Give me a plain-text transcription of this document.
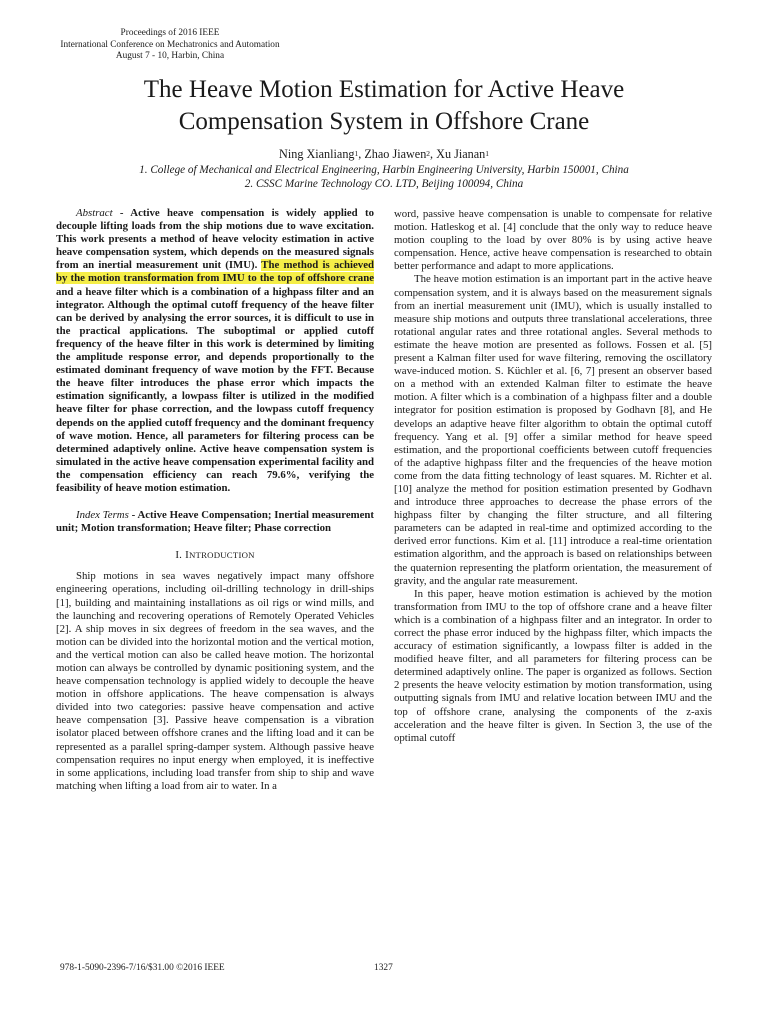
Proceedings of 2016 IEEE
International Conference on Mechatronics and Automation
August 7 - 10, Harbin, China
The Heave Motion Estimation for Active Heave Compensation System in Offshore Crane
Ning Xianliang$^1$, Zhao Jiawen$^2$, Xu Jianan$^1$
1. College of Mechanical and Electrical Engineering, Harbin Engineering University, Harbin 150001, China
2. CSSC Marine Technology CO. LTD, Beijing 100094, China

Abstract - Active heave compensation is widely applied to decouple lifting loads from the ship motions due to wave excitation. This work presents a method of heave velocity estimation in active heave compensation system, which depends on the measured signals from an inertial measurement unit (IMU). The method is achieved by the motion transformation from IMU to the top of offshore crane and a heave filter which is a combination of a highpass filter and an integrator. Although the optimal cutoff frequency of the heave filter can be derived by analysing the error sources, it is difficult to use in the practical applications. The suboptimal or applied cutoff frequency of the heave filter in this work is determined by limiting the amplitude response error, and depends proportionally to the estimated dominant frequency of wave motion by the FFT. Because the heave filter introduces the phase error which impacts the estimation significantly, a lowpass filter is utilized in the modified heave filter for phase correction, and the lowpass cutoff frequency depends on the applied cutoff frequency and the dominant frequency of wave motion. Hence, all parameters for filtering process can be determined adaptively online. Active heave compensation system is simulated in the active heave compensation experimental facility and the compensation efficiency can reach 79.6%, verifying the feasibility of heave motion estimation.

Index Terms - Active Heave Compensation; Inertial measurement unit; Motion transformation; Heave filter; Phase correction

I. INTRODUCTION

Ship motions in sea waves negatively impact many offshore engineering operations, including oil-drilling technology in drill-ships [1], building and maintaining installations as oil rigs or wind mills, and the launching and recovering operations of Remotely Operated Vehicles [2]. A ship moves in six degrees of freedom in the sea waves, and the motion can be divided into the horizontal motion and the vertical motion, and the vertical motion can also be called heave motion. The horizontal motion can always be controlled by dynamic positioning system, and the heave compensation technology is applied widely to decouple the heave motion in offshore applications. The heave compensation is always divided into two categories: passive heave compensation and active heave compensation [3]. Passive heave compensation is a vibration isolator placed between offshore cranes and the lifting load and it can be represented as a parallel spring-damper system. Although passive heave compensation requires no input energy when employed, it is ineffective in some applications, including load transfer from ship to ship and wave matching when lifting a load from air to water. In a

word, passive heave compensation is unable to compensate for relative motion. Hatleskog et al. [4] conclude that the only way to reduce heave motion coupling to the load by over 80% is by using active heave compensation. Hence, active heave compensation is researched to obtain better performance and adapt to more applications.

The heave motion estimation is an important part in the active heave compensation system, and it is always based on the measurement signals from an inertial measurement unit (IMU), which is usually installed to measure ship motions and outputs three translational accelerations, three rotational angular rates and three rotational angles. Several methods to estimate the heave motion are presented as follows. Fossen et al. [5] present a Kalman filter used for wave filtering, removing the oscillatory wave-induced motion. S. Küchler et al. [6, 7] present an observer based on a method with an extended Kalman filter to estimate the heave motion. A filter which is a combination of a highpass filter and a double integrator for position estimation is proposed by Godhavn [8], and He develops an adaptive heave filter algorithm to obtain the optimal cutoff frequency. Yang et al. [9] offer a similar method for heave speed estimation, and the proportional coefficients between cutoff frequencies of the adaptive highpass filter and the frequencies of the heave motion come from the data fitting technology of least squares. M. Richter et al. [10] analyze the method for position estimation presented by Godhavn and introduce three approaches to decrease the phase errors of the highpass filter by changing the filter structure, and all filtering parameters can be adapted in real-time and optimized according to the derived error functions. Kim et al. [11] introduce a real-time orientation estimation algorithm, and the approach is based on relationships between the quaternion representing the platform orientation, the measurement of gravity, and the angular rate measurement.

In this paper, heave motion estimation is achieved by the motion transformation from IMU to the top of offshore crane and a heave filter which is a combination of a highpass filter and an integrator. In order to correct the phase error induced by the highpass filter, which impacts the accuracy of estimation significantly, a lowpass filter is added in the modified heave filter, and all parameters for filtering process can be determined adaptively online. The paper is organized as follows. Section 2 presents the heave velocity estimation by motion transformation, using outputting signals from IMU and relative location between IMU and the top of offshore crane, analysing the components of the z-axis acceleration and the heave filter is given. In Section 3, the use of the optimal cutoff

978-1-5090-2396-7/16/$31.00 ©2016 IEEE	1327
